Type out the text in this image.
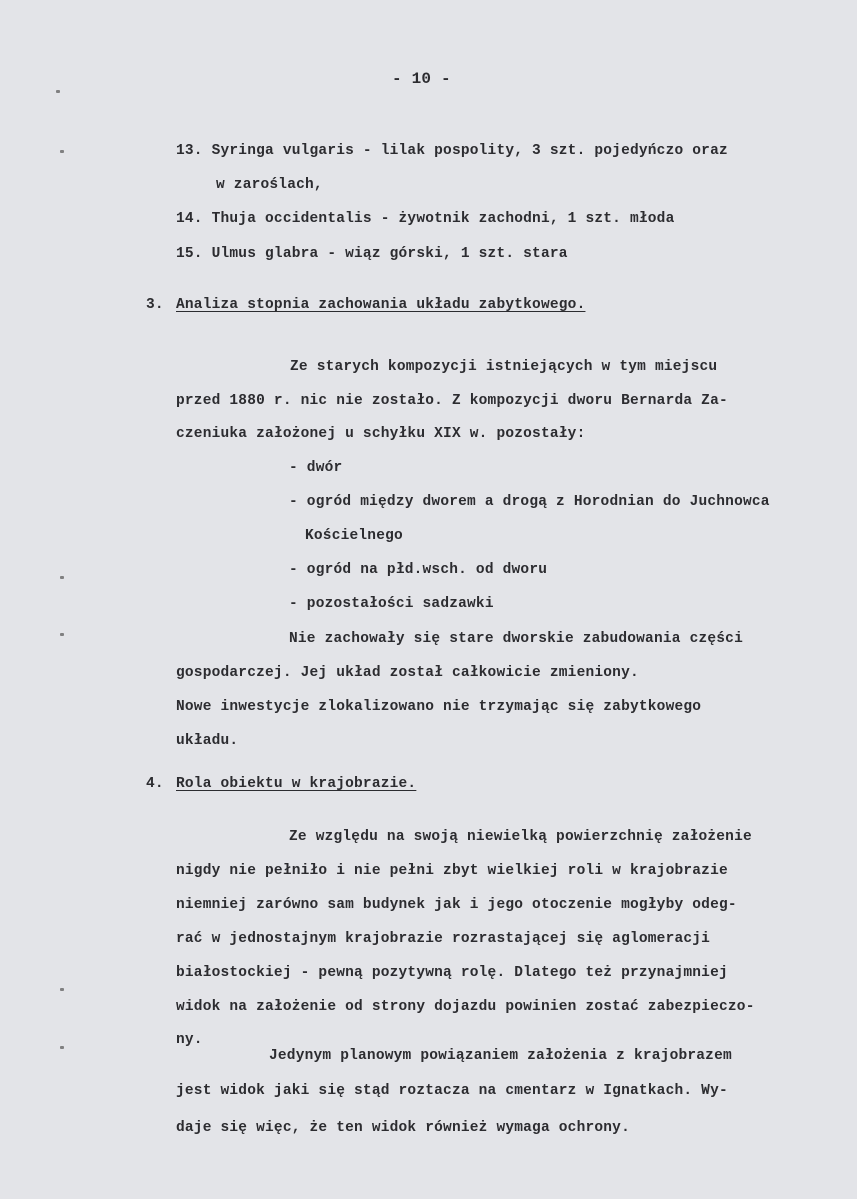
- 10 -
13. Syringa vulgaris - lilak pospolity, 3 szt. pojedyńczo oraz
w zaroślach,
14. Thuja occidentalis - żywotnik zachodni, 1 szt. młoda
15. Ulmus glabra - wiąz górski, 1 szt. stara
3. Analiza stopnia zachowania układu zabytkowego.
Ze starych kompozycji istniejących w tym miejscu
przed 1880 r. nic nie zostało. Z kompozycji dworu Bernarda Za-
czeniuka założonej u schyłku XIX w. pozostały:
- dwór
- ogród między dworem a drogą z Horodnian do Juchnowca
Kościelnego
- ogród na płd.wsch. od dworu
- pozostałości sadzawki
Nie zachowały się stare dworskie zabudowania części
gospodarczej. Jej układ został całkowicie zmieniony.
Nowe inwestycje zlokalizowano nie trzymając się zabytkowego
układu.
4. Rola obiektu w krajobrazie.
Ze względu na swoją niewielką powierzchnię założenie
nigdy nie pełniło i nie pełni zbyt wielkiej roli w krajobrazie
niemniej zarówno sam budynek jak i jego otoczenie mogłyby odeg-
rać w jednostajnym krajobrazie rozrastającej się aglomeracji
białostockiej - pewną pozytywną rolę. Dlatego też przynajmniej
widok na założenie od strony dojazdu powinien zostać zabezpieczo-
ny.
Jedynym planowym powiązaniem założenia z krajobrazem
jest widok jaki się stąd roztacza na cmentarz w Ignatkach. Wy-
daje się więc, że ten widok również wymaga ochrony.
